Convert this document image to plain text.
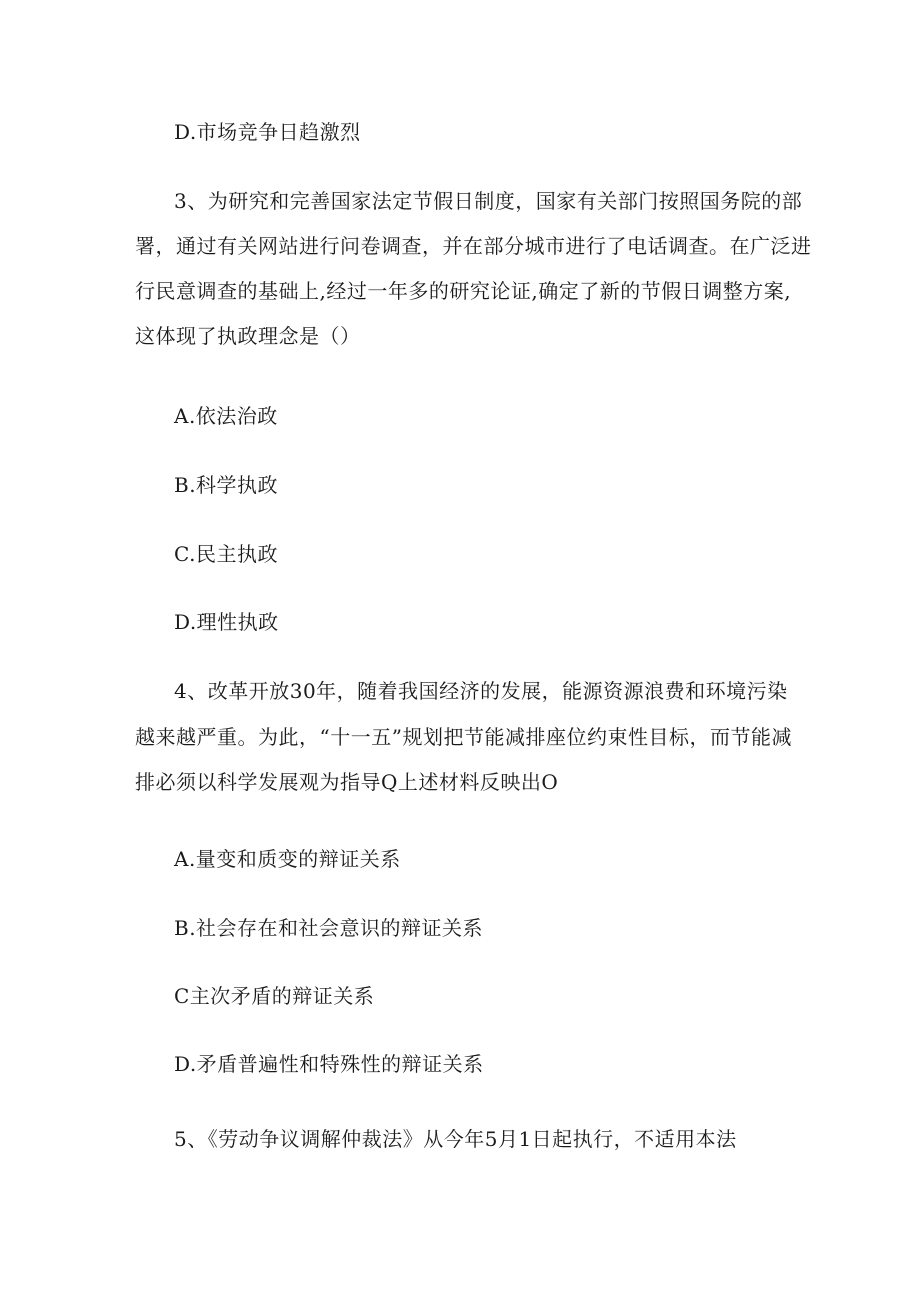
D.市场竞争日趋激烈
3、为研究和完善国家法定节假日制度，国家有关部门按照国务院的部
署，通过有关网站进行问卷调查，并在部分城市进行了电话调查。在广泛进
行民意调查的基础上,经过一年多的研究论证,确定了新的节假日调整方案,
这体现了执政理念是（）
A.依法治政
B.科学执政
C.民主执政
D.理性执政
4、改革开放30年，随着我国经济的发展，能源资源浪费和环境污染
越来越严重。为此，“十一五”规划把节能减排座位约束性目标，而节能减
排必须以科学发展观为指导Q上述材料反映出O
A.量变和质变的辩证关系
B.社会存在和社会意识的辩证关系
C主次矛盾的辩证关系
D.矛盾普遍性和特殊性的辩证关系
5、《劳动争议调解仲裁法》从今年5月1日起执行，不适用本法
